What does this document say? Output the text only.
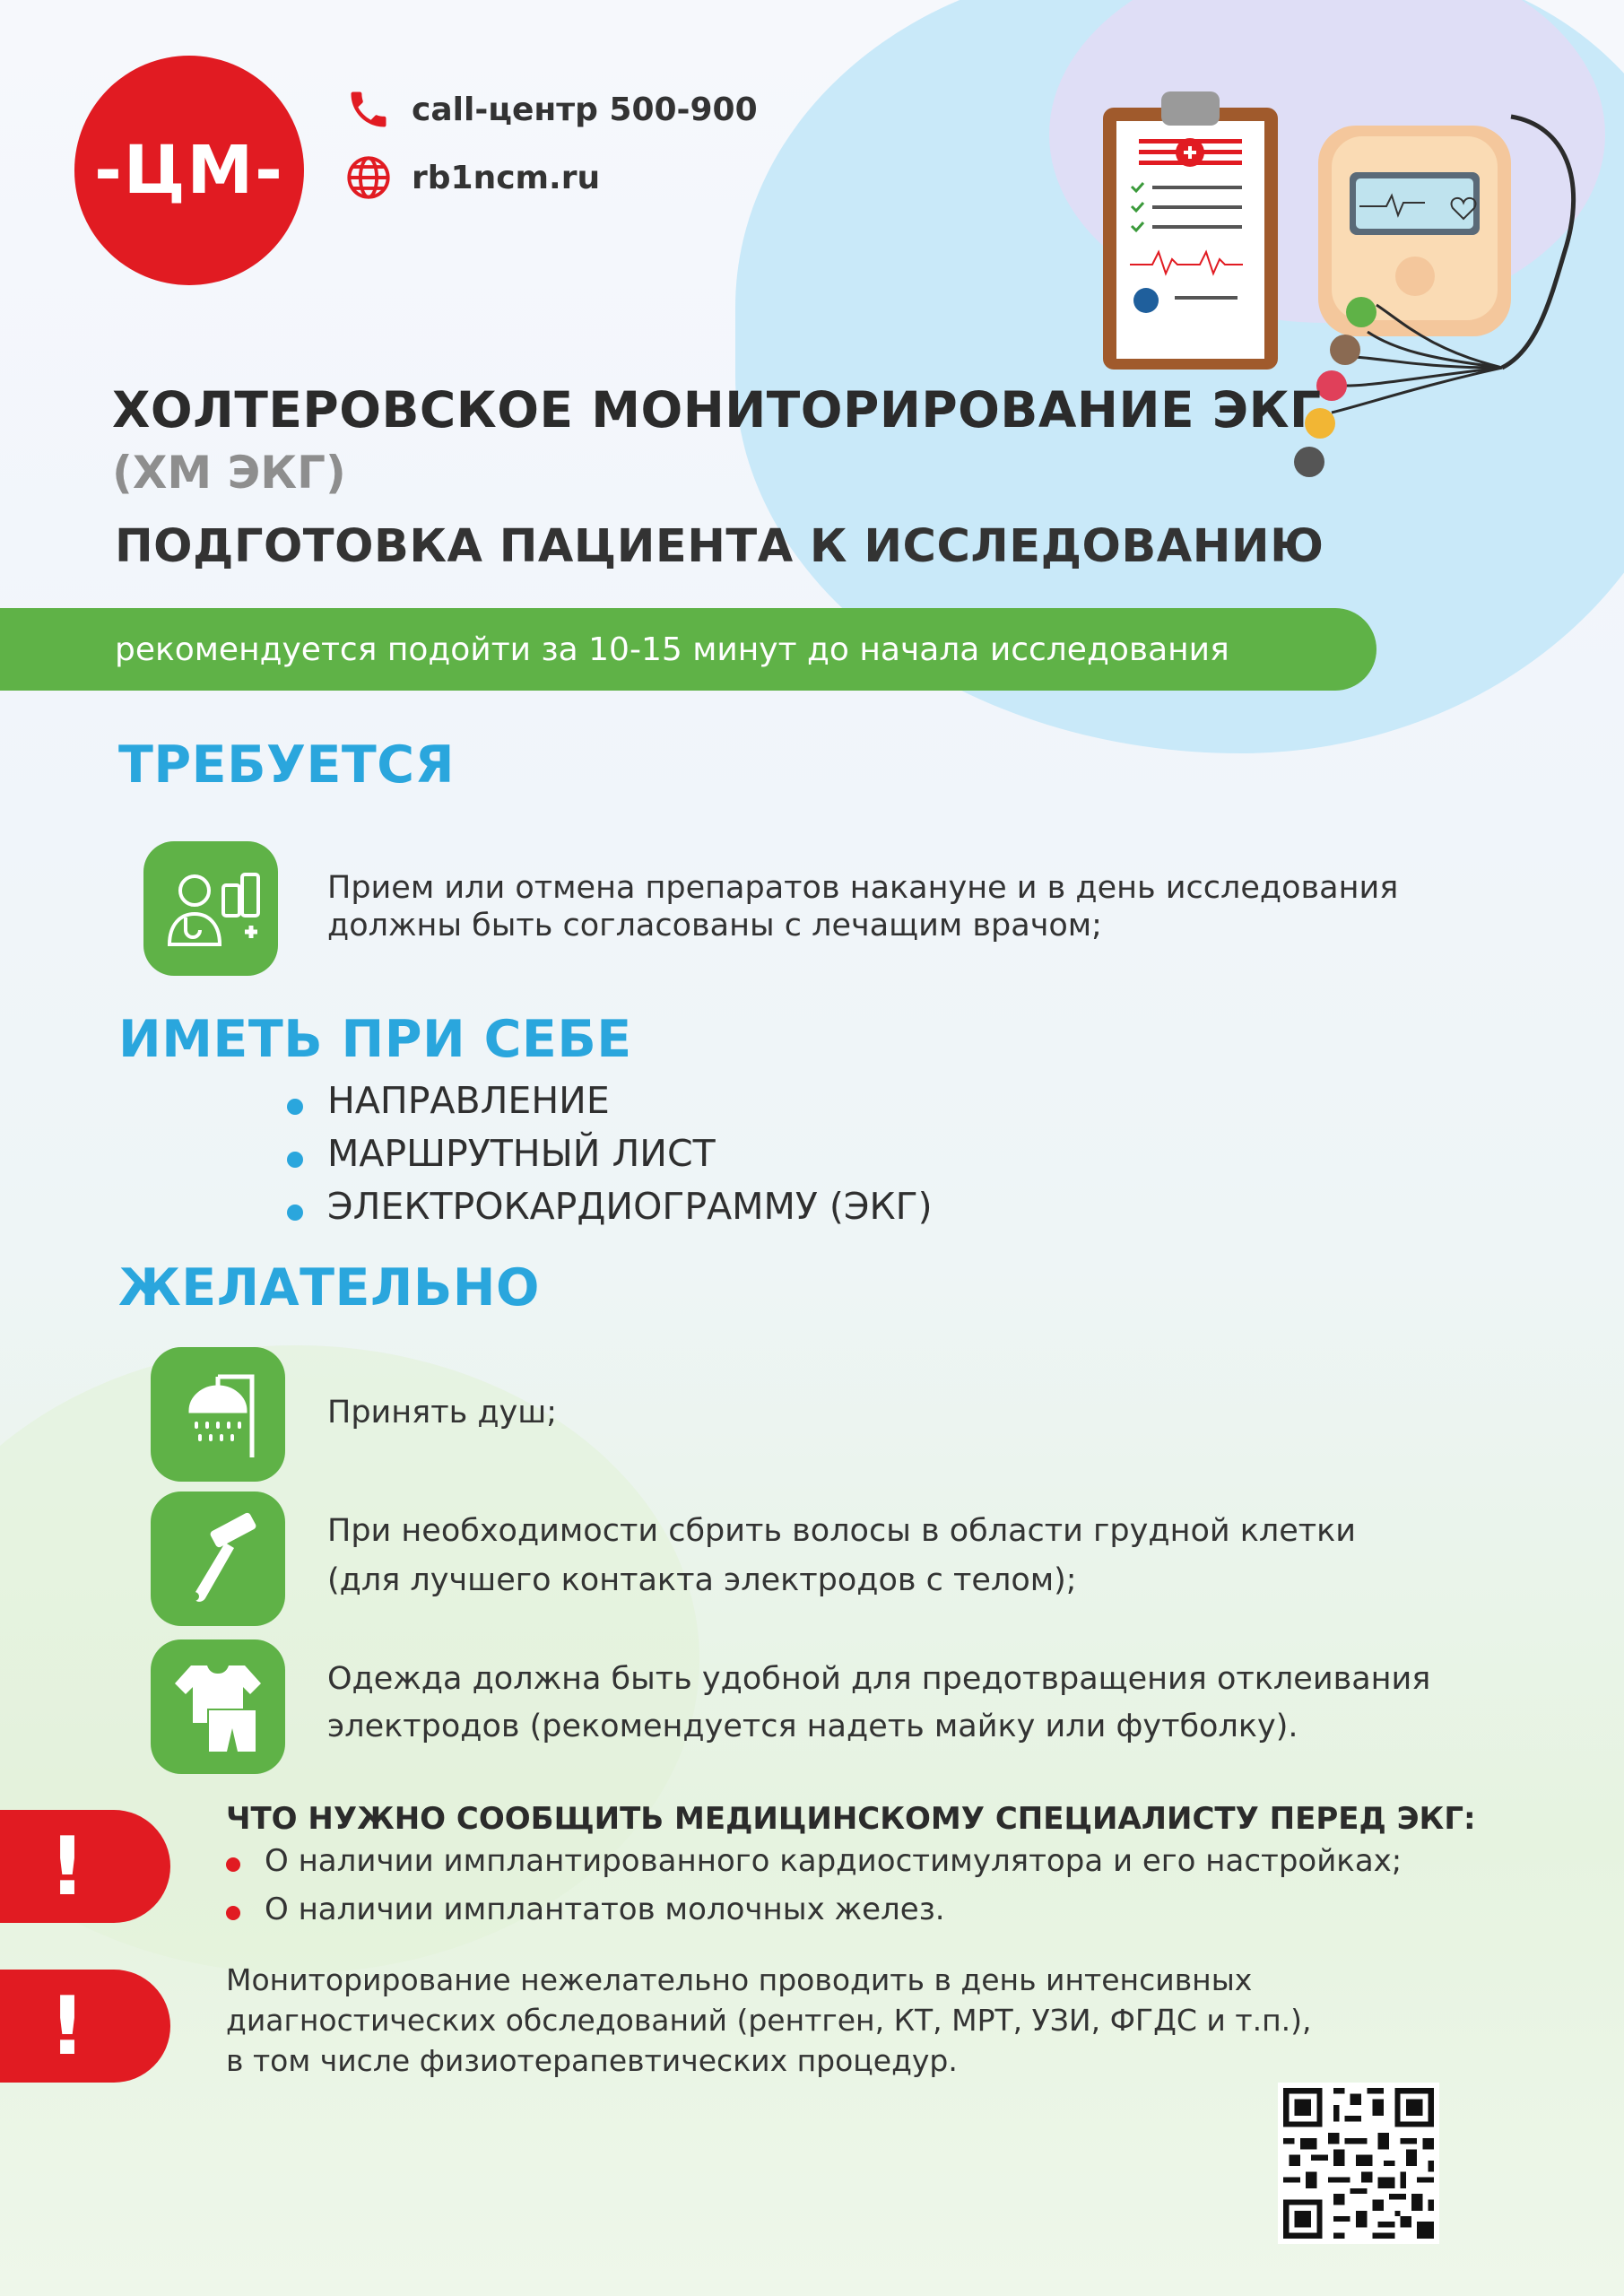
-ЦМ-
call-центр 500-900
rb1ncm.ru
ХОЛТЕРОВСКОЕ МОНИТОРИРОВАНИЕ ЭКГ
(ХМ ЭКГ)
ПОДГОТОВКА ПАЦИЕНТА К ИССЛЕДОВАНИЮ
рекомендуется подойти за 10-15 минут до начала исследования
ТРЕБУЕТСЯ
Прием или отмена препаратов накануне и в день исследования
должны быть согласованы с лечащим врачом;
ИМЕТЬ ПРИ СЕБЕ
НАПРАВЛЕНИЕ
МАРШРУТНЫЙ ЛИСТ
ЭЛЕКТРОКАРДИОГРАММУ (ЭКГ)
ЖЕЛАТЕЛЬНО
Принять душ;
При необходимости сбрить волосы в области грудной клетки
(для лучшего контакта электродов с телом);
Одежда должна быть удобной для предотвращения отклеивания
электродов (рекомендуется надеть майку или футболку).
!
ЧТО НУЖНО СООБЩИТЬ МЕДИЦИНСКОМУ СПЕЦИАЛИСТУ ПЕРЕД ЭКГ:
О наличии имплантированного кардиостимулятора и его настройках;
О наличии имплантатов молочных желез.
!	Мониторирование нежелательно проводить в день интенсивных
диагностических обследований (рентген, КТ, МРТ, УЗИ, ФГДС и т.п.),
в том числе физиотерапевтических процедур.
